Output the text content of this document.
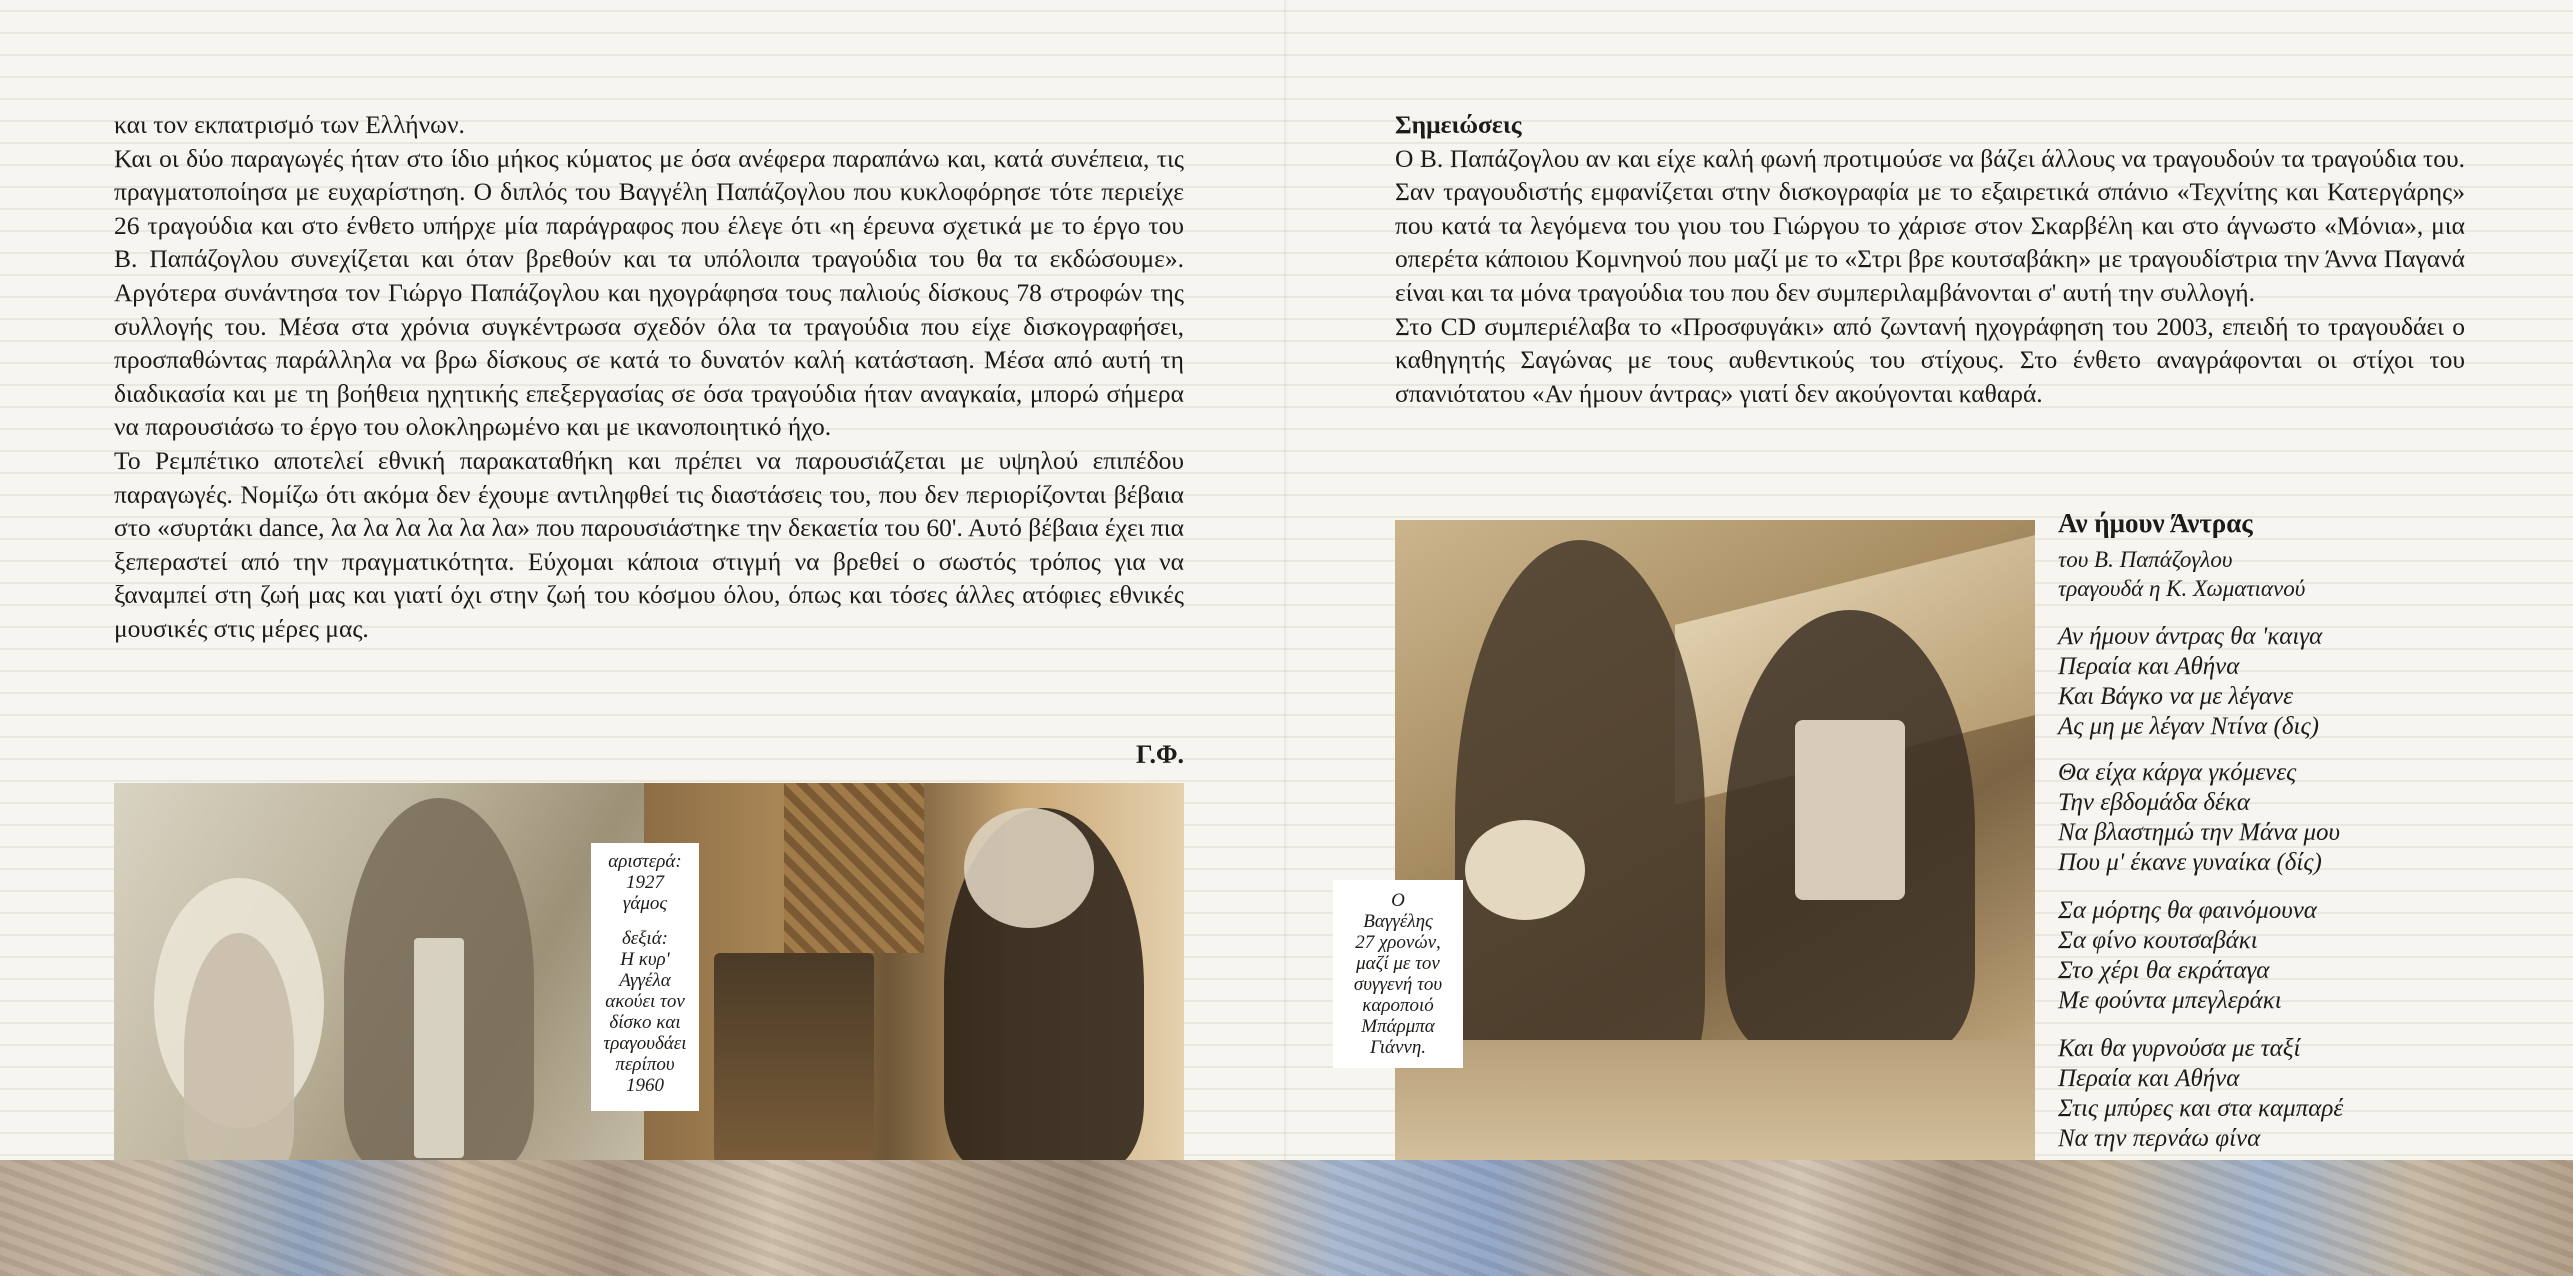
και τον εκπατρισμό των Ελλήνων.

Και οι δύο παραγωγές ήταν στο ίδιο μήκος κύματος με όσα ανέφερα παραπάνω και, κατά συνέπεια, τις πραγματοποίησα με ευχαρίστηση. Ο διπλός του Βαγγέλη Παπάζογλου που κυκλοφόρησε τότε περιείχε 26 τραγούδια και στο ένθετο υπήρχε μία παράγραφος που έλεγε ότι «η έρευνα σχετικά με το έργο του Β. Παπάζογλου συνεχίζεται και όταν βρεθούν και τα υπόλοιπα τραγούδια του θα τα εκδώσουμε». Αργότερα συνάντησα τον Γιώργο Παπάζογλου και ηχογράφησα τους παλιούς δίσκους 78 στροφών της συλλογής του. Μέσα στα χρόνια συγκέντρωσα σχεδόν όλα τα τραγούδια που είχε δισκογραφήσει, προσπαθώντας παράλληλα να βρω δίσκους σε κατά το δυνατόν καλή κατάσταση. Μέσα από αυτή τη διαδικασία και με τη βοήθεια ηχητικής επεξεργασίας σε όσα τραγούδια ήταν αναγκαία, μπορώ σήμερα να παρουσιάσω το έργο του ολοκληρωμένο και με ικανοποιητικό ήχο.

Το Ρεμπέτικο αποτελεί εθνική παρακαταθήκη και πρέπει να παρουσιάζεται με υψηλού επιπέδου παραγωγές. Νομίζω ότι ακόμα δεν έχουμε αντιληφθεί τις διαστάσεις του, που δεν περιορίζονται βέβαια στο «συρτάκι dance, λα λα λα λα λα λα» που παρουσιάστηκε την δεκαετία του 60'. Αυτό βέβαια έχει πια ξεπεραστεί από την πραγματικότητα. Εύχομαι κάποια στιγμή να βρεθεί ο σωστός τρόπος για να ξαναμπεί στη ζωή μας και γιατί όχι στην ζωή του κόσμου όλου, όπως και τόσες άλλες ατόφιες εθνικές μουσικές στις μέρες μας.

Γ.Φ.
αριστερά:
1927
γάμος
δεξιά:
Η κυρ'
Αγγέλα
ακούει τον
δίσκο και
τραγουδάει
περίπου
1960

Σημειώσεις

Ο Β. Παπάζογλου αν και είχε καλή φωνή προτιμούσε να βάζει άλλους να τραγουδούν τα τραγούδια του. Σαν τραγουδιστής εμφανίζεται στην δισκογραφία με το εξαιρετικά σπάνιο «Τεχνίτης και Κατεργάρης» που κατά τα λεγόμενα του γιου του Γιώργου το χάρισε στον Σκαρβέλη και στο άγνωστο «Μόνια», μια οπερέτα κάποιου Κομνηνού που μαζί με το «Στρι βρε κουτσαβάκη» με τραγουδίστρια την Άννα Παγανά είναι και τα μόνα τραγούδια του που δεν συμπεριλαμβάνονται σ' αυτή την συλλογή.

Στο CD συμπεριέλαβα το «Προσφυγάκι» από ζωντανή ηχογράφηση του 2003, επειδή το τραγουδάει ο καθηγητής Σαγώνας με τους αυθεντικούς του στίχους. Στο ένθετο αναγράφονται οι στίχοι του σπανιότατου «Αν ήμουν άντρας» γιατί δεν ακούγονται καθαρά.

Ο
Βαγγέλης
27 χρονών,
μαζί με τον
συγγενή του
καροποιό
Μπάρμπα
Γιάννη.
Αν ήμουν Άντρας
του Β. Παπάζογλου
τραγουδά η Κ. Χωματιανού
Αν ήμουν άντρας θα 'καιγα
Περαία και Αθήνα
Και Βάγκο να με λέγανε
Ας μη με λέγαν Ντίνα (δις)
Θα είχα κάργα γκόμενες
Την εβδομάδα δέκα
Να βλαστημώ την Μάνα μου
Που μ' έκανε γυναίκα (δίς)
Σα μόρτης θα φαινόμουνα
Σα φίνο κουτσαβάκι
Στο χέρι θα εκράταγα
Με φούντα μπεγλεράκι
Και θα γυρνούσα με ταξί
Περαία και Αθήνα
Στις μπύρες και στα καμπαρέ
Να την περνάω φίνα
